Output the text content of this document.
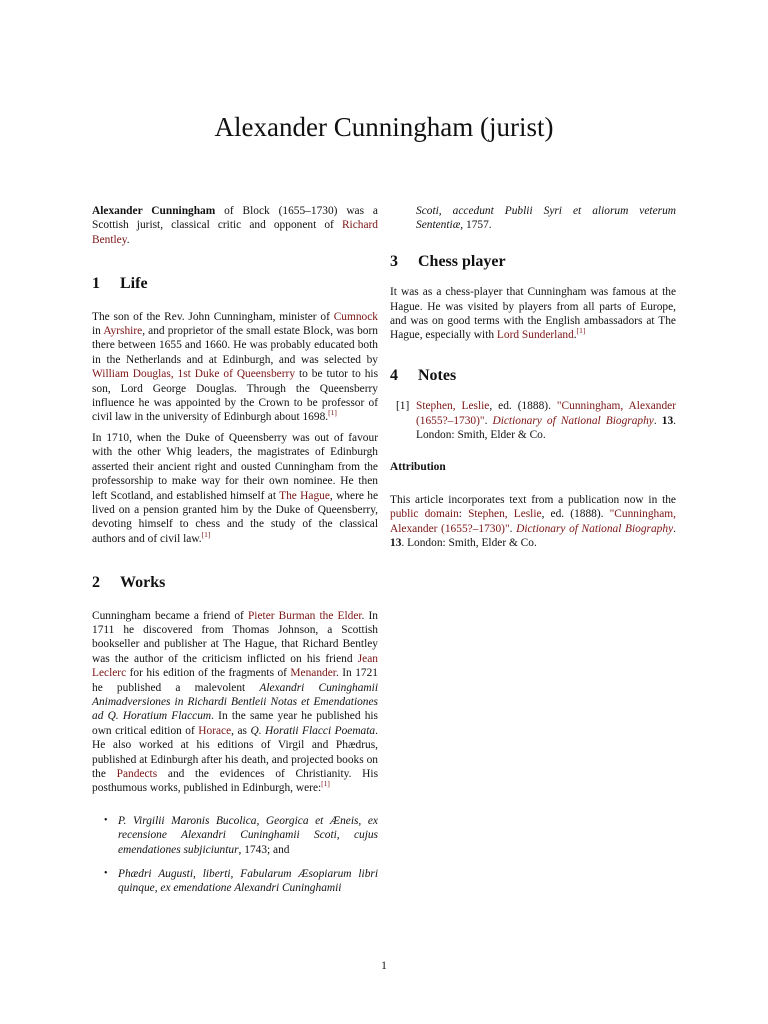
Alexander Cunningham (jurist)

Alexander Cunningham of Block (1655–1730) was a Scottish jurist, classical critic and opponent of Richard Bentley.

1 Life

The son of the Rev. John Cunningham, minister of Cumnock in Ayrshire, and proprietor of the small estate Block, was born there between 1655 and 1660. He was probably educated both in the Netherlands and at Edinburgh, and was selected by William Douglas, 1st Duke of Queensberry to be tutor to his son, Lord George Douglas. Through the Queensberry influence he was appointed by the Crown to be professor of civil law in the university of Edinburgh about 1698.[1]

In 1710, when the Duke of Queensberry was out of favour with the other Whig leaders, the magistrates of Edinburgh asserted their ancient right and ousted Cunningham from the professorship to make way for their own nominee. He then left Scotland, and established himself at The Hague, where he lived on a pension granted him by the Duke of Queensberry, devoting himself to chess and the study of the classical authors and of civil law.[1]

2 Works

Cunningham became a friend of Pieter Burman the Elder. In 1711 he discovered from Thomas Johnson, a Scottish bookseller and publisher at The Hague, that Richard Bentley was the author of the criticism inflicted on his friend Jean Leclerc for his edition of the fragments of Menander. In 1721 he published a malevolent Alexandri Cuninghamii Animadversiones in Richardi Bentleii Notas et Emendationes ad Q. Horatium Flaccum. In the same year he published his own critical edition of Horace, as Q. Horatii Flacci Poemata. He also worked at his editions of Virgil and Phædrus, published at Edinburgh after his death, and projected books on the Pandects and the evidences of Christianity. His posthumous works, published in Edinburgh, were:[1]

• P. Virgilii Maronis Bucolica, Georgica et Æneis, ex recensione Alexandri Cuninghamii Scoti, cujus emendationes subjiciuntur, 1743; and
• Phædri Augusti, liberti, Fabularum Æsopiarum libri quinque, ex emendatione Alexandri Cuninghamii

Scoti, accedunt Publii Syri et aliorum veterum Sententiæ, 1757.

3 Chess player

It was as a chess-player that Cunningham was famous at the Hague. He was visited by players from all parts of Europe, and was on good terms with the English ambassadors at The Hague, especially with Lord Sunderland.[1]

4 Notes
[1] Stephen, Leslie, ed. (1888). "Cunningham, Alexander (1655?–1730)". Dictionary of National Biography. 13. London: Smith, Elder & Co.
Attribution

This article incorporates text from a publication now in the public domain: Stephen, Leslie, ed. (1888). "Cunningham, Alexander (1655?–1730)". Dictionary of National Biography. 13. London: Smith, Elder & Co.

1
